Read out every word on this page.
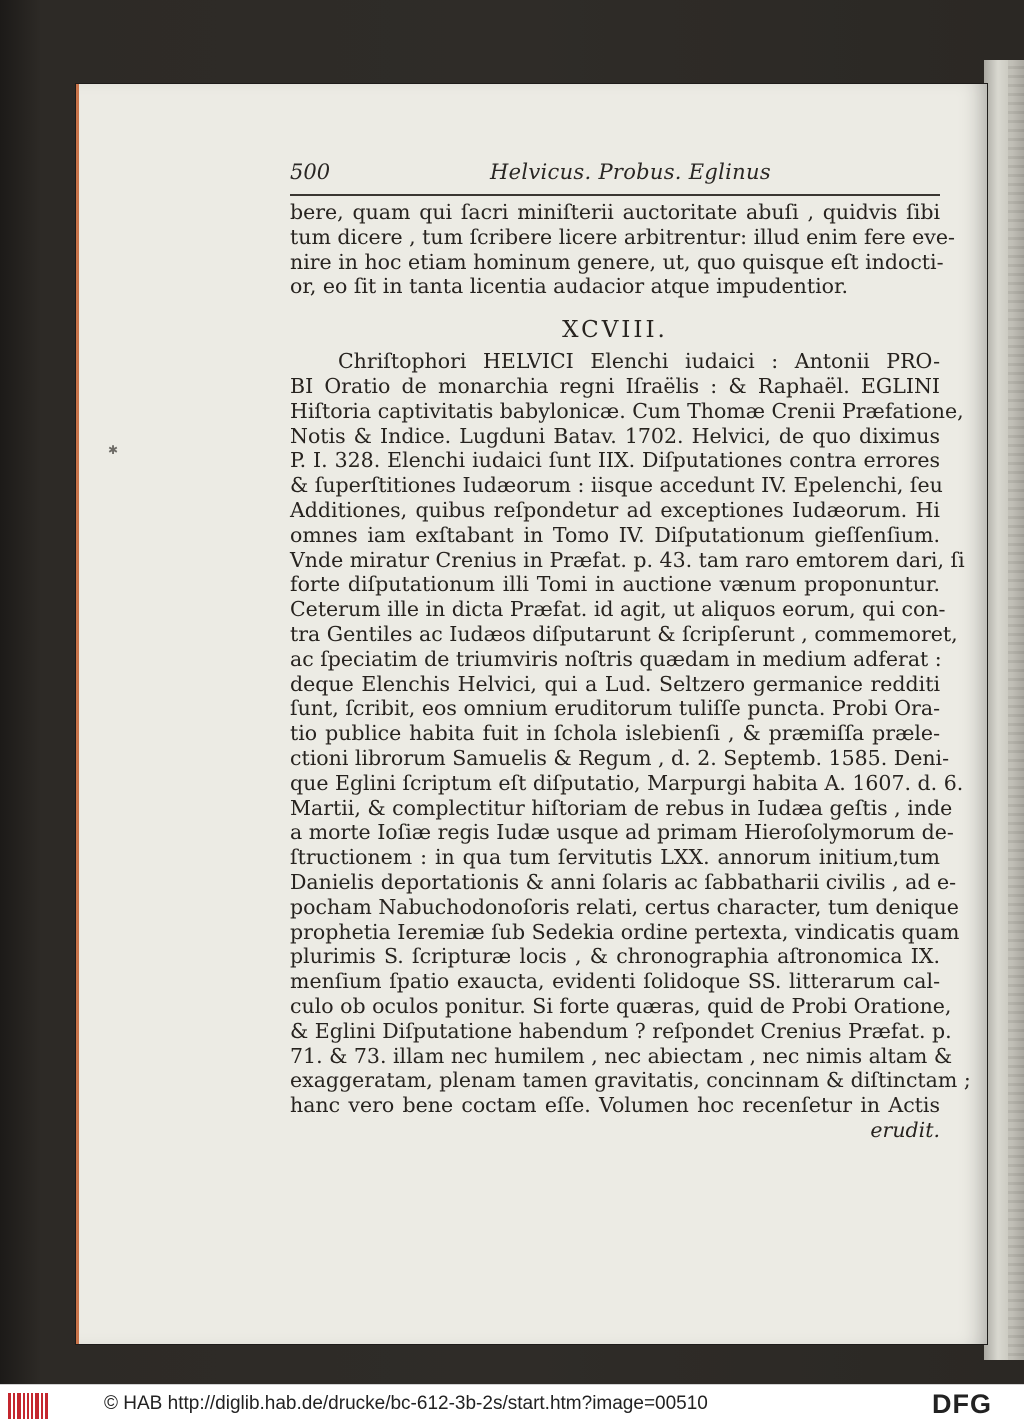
✱
500	Helvicus. Probus. Eglinus
bere, quam qui ſacri miniſterii auctoritate abuſi , quidvis ſibi
tum dicere , tum ſcribere licere arbitrentur: illud enim fere eve-
nire in hoc etiam hominum genere, ut, quo quisque eſt indocti-
or, eo ſit in tanta licentia audacior atque impudentior.
XCVIII.
Chriſtophori HELVICI Elenchi iudaici : Antonii PRO-
BI Oratio de monarchia regni Iſraëlis : & Raphaël. EGLINI
Hiſtoria captivitatis babylonicæ. Cum Thomæ Crenii Præfatione,
Notis & Indice. Lugduni Batav. 1702. Helvici, de quo diximus
P. I. 328. Elenchi iudaici ſunt IIX. Diſputationes contra errores
& ſuperſtitiones Iudæorum : iisque accedunt IV. Epelenchi, ſeu
Additiones, quibus reſpondetur ad exceptiones Iudæorum. Hi
omnes iam exſtabant in Tomo IV. Diſputationum gieſſenſium.
Vnde miratur Crenius in Præfat. p. 43. tam raro emtorem dari, ſi
forte diſputationum illi Tomi in auctione vænum proponuntur.
Ceterum ille in dicta Præfat. id agit, ut aliquos eorum, qui con-
tra Gentiles ac Iudæos diſputarunt & ſcripſerunt , commemoret,
ac ſpeciatim de triumviris noſtris quædam in medium adferat :
deque Elenchis Helvici, qui a Lud. Seltzero germanice redditi
ſunt, ſcribit, eos omnium eruditorum tuliſſe puncta. Probi Ora-
tio publice habita fuit in ſchola islebienſi , & præmiſſa præle-
ctioni librorum Samuelis & Regum , d. 2. Septemb. 1585. Deni-
que Eglini ſcriptum eſt diſputatio, Marpurgi habita A. 1607. d. 6.
Martii, & complectitur hiſtoriam de rebus in Iudæa geſtis , inde
a morte Ioſiæ regis Iudæ usque ad primam Hieroſolymorum de-
ſtructionem : in qua tum ſervitutis LXX. annorum initium,tum
Danielis deportationis & anni ſolaris ac ſabbatharii civilis , ad e-
pocham Nabuchodonoſoris relati, certus character, tum denique
prophetia Ieremiæ ſub Sedekia ordine pertexta, vindicatis quam
plurimis S. ſcripturæ locis , & chronographia aſtronomica IX.
menſium ſpatio exaucta, evidenti ſolidoque SS. litterarum cal-
culo ob oculos ponitur. Si forte quæras, quid de Probi Oratione,
& Eglini Diſputatione habendum ? reſpondet Crenius Præfat. p.
71. & 73. illam nec humilem , nec abiectam , nec nimis altam &
exaggeratam, plenam tamen gravitatis, concinnam & diſtinctam ;
hanc vero bene coctam eſſe. Volumen hoc recenſetur in Actis
erudit.
© HAB http://diglib.hab.de/drucke/bc-612-3b-2s/start.htm?image=00510	DFG
